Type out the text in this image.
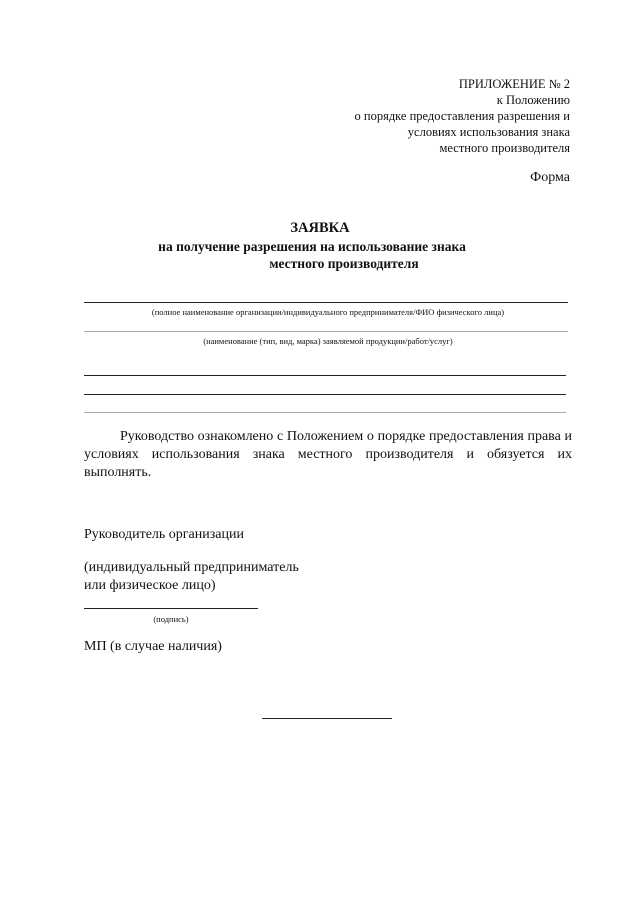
ПРИЛОЖЕНИЕ № 2
к Положению
о порядке предоставления разрешения и
условиях использования знака
местного производителя
Форма
ЗАЯВКА
на получение разрешения на использование знака
местного производителя
(полное наименование организации/индивидуального предпринимателя/ФИО физического лица)
(наименование (тип, вид, марка) заявляемой продукции/работ/услуг)
Руководство ознакомлено с Положением о порядке предоставления права и условиях использования знака местного производителя и обязуется их выполнять.
Руководитель организации
(индивидуальный предприниматель
или физическое лицо)
(подпись)
МП (в случае наличия)
